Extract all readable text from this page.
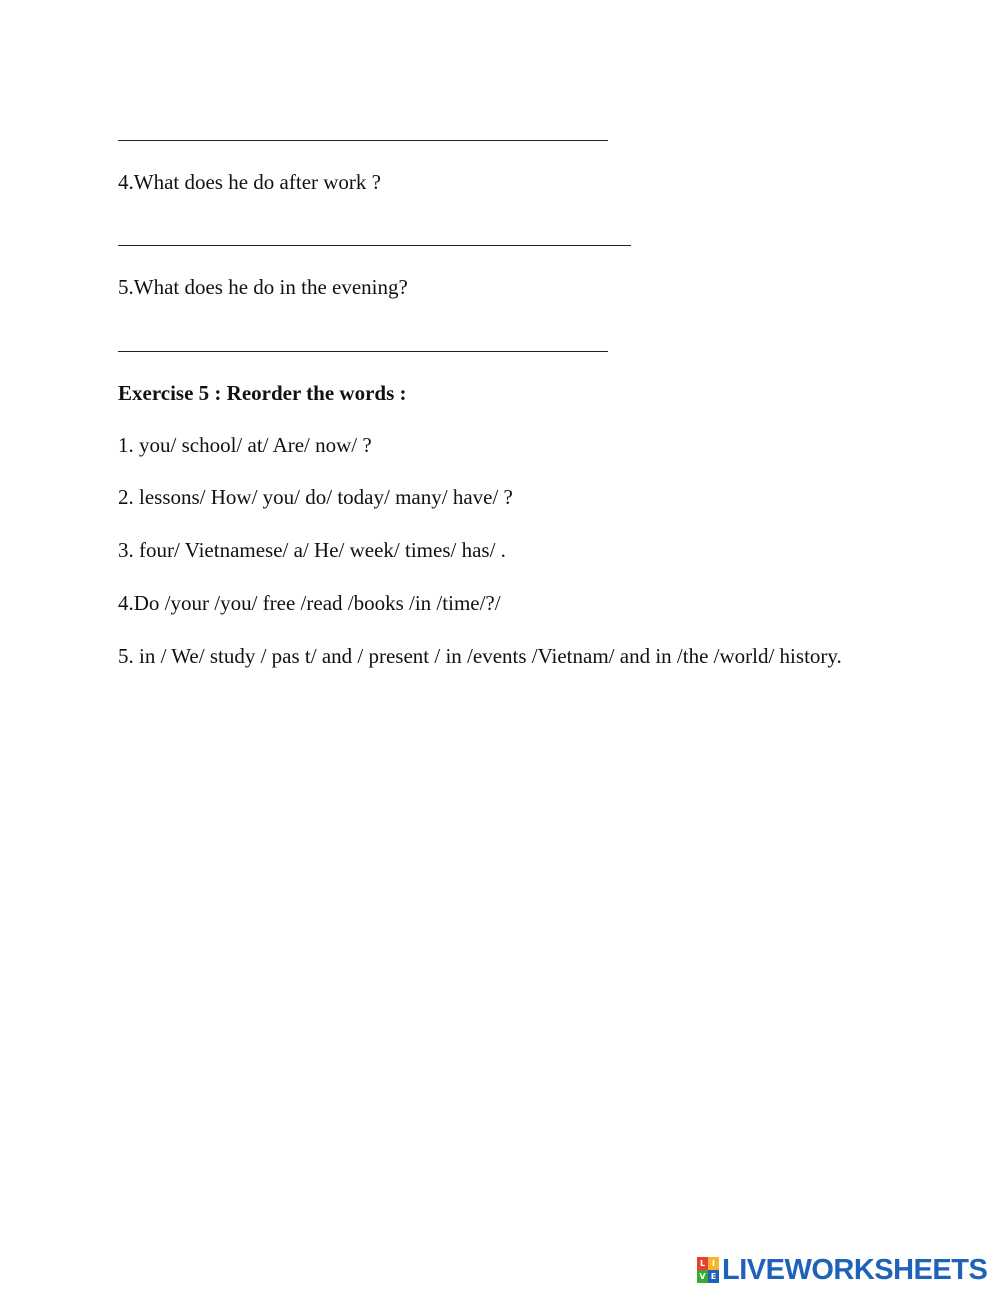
4.What does he do after work ?
5.What does he do in the evening?
Exercise 5 : Reorder the words :
1. you/ school/ at/ Are/ now/ ?
2. lessons/ How/ you/ do/ today/ many/ have/ ?
3. four/ Vietnamese/ a/ He/ week/ times/ has/ .
4.Do /your /you/ free /read /books /in /time/?/
5. in / We/ study / pas t/ and / present / in /events /Vietnam/ and in /the /world/ history.
L I
V E LIVEWORKSHEETS
